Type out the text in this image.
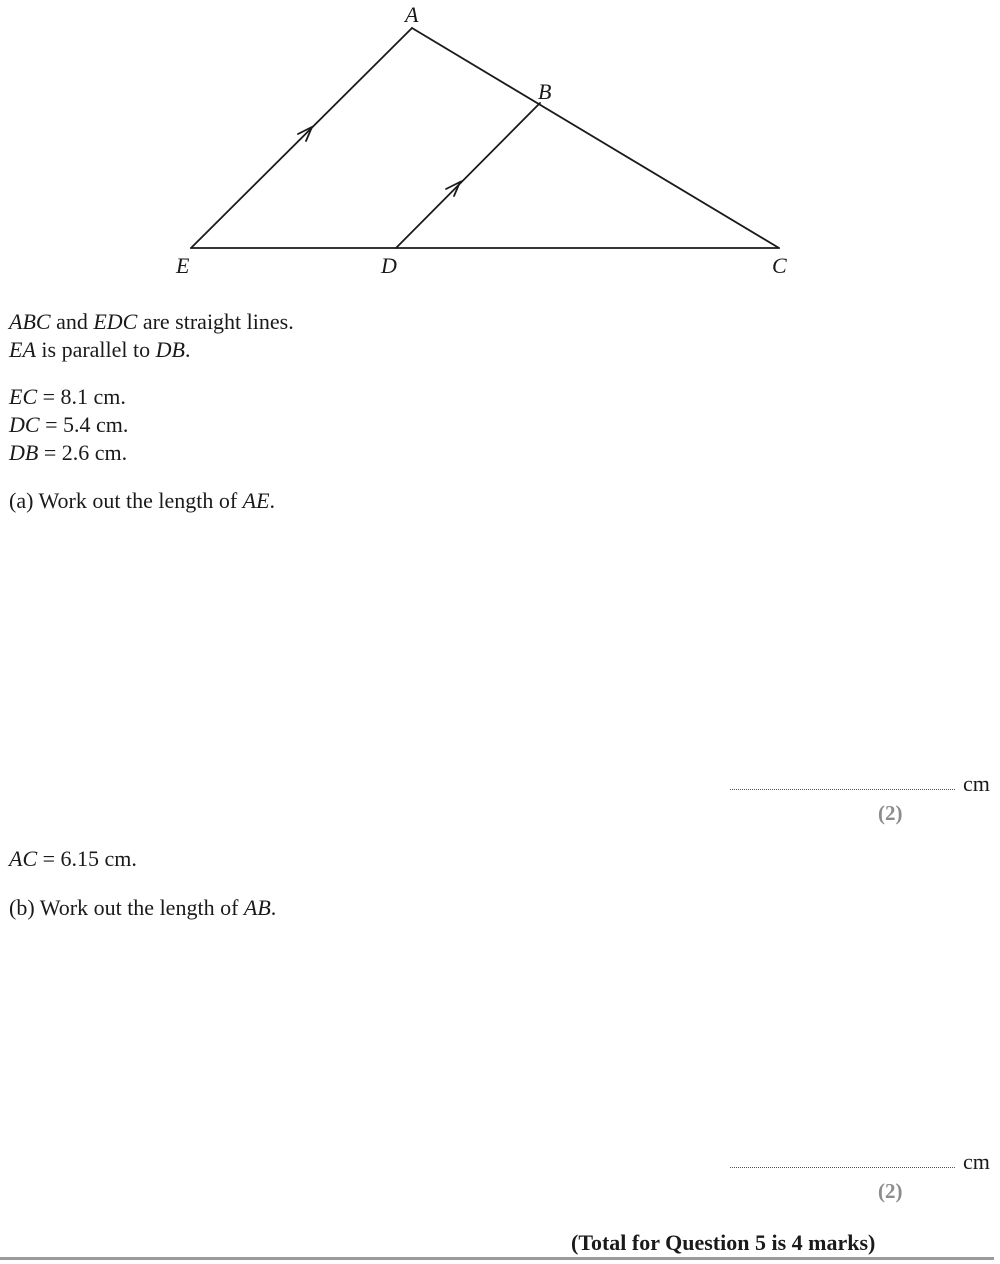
A
B
C
D
E
ABC and EDC are straight lines.
EA is parallel to DB.
EC = 8.1 cm.
DC = 5.4 cm.
DB = 2.6 cm.
(a) Work out the length of AE.
cm
(2)
AC = 6.15 cm.
(b) Work out the length of AB.
cm
(2)
(Total for Question 5 is 4 marks)
